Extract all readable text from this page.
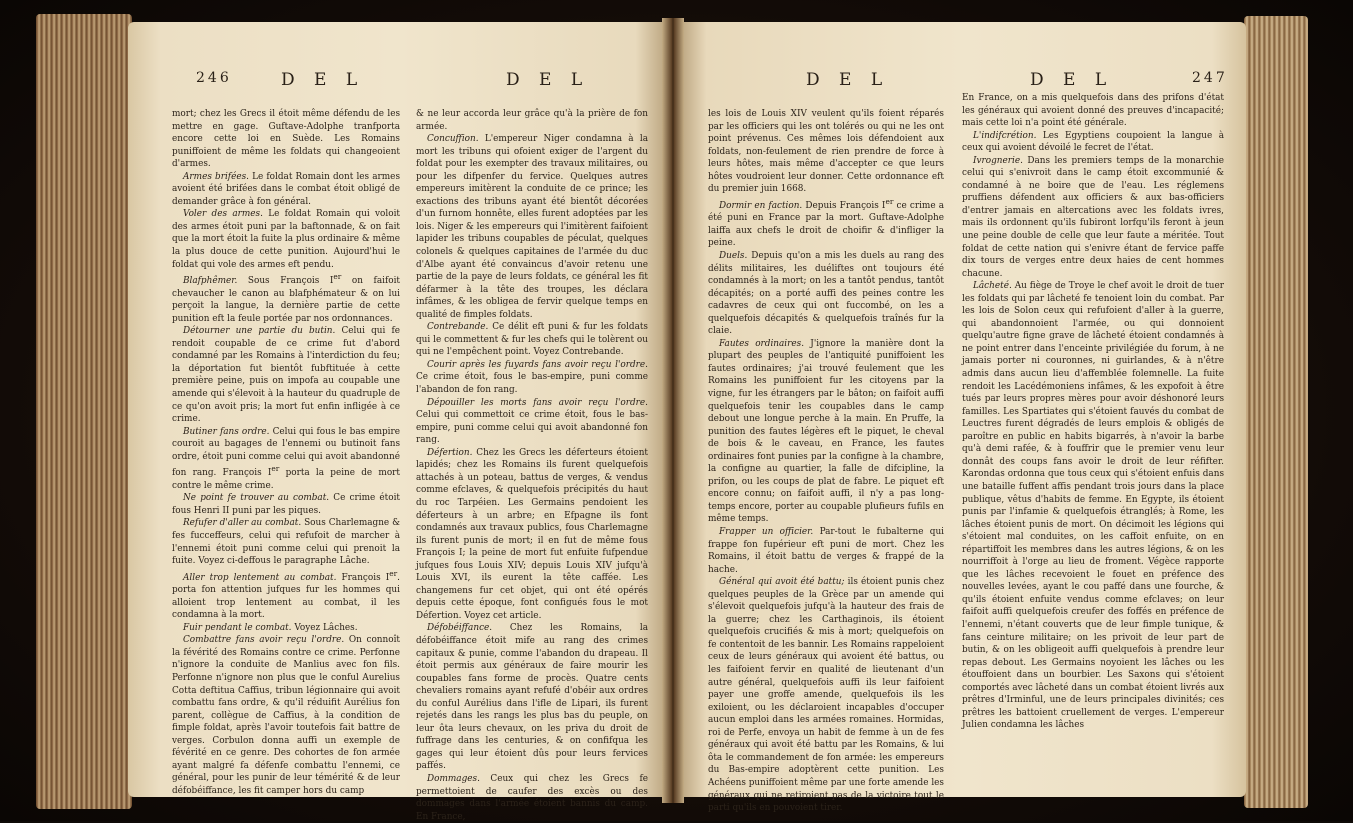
246	D E L	D E L

mort; chez les Grecs il étoit même défendu de les mettre en gage. Guftave-Adolphe tranfporta encore cette loi en Suède. Les Romains puniffoient de même les foldats qui changeoient d'armes.

Armes brifées. Le foldat Romain dont les armes avoient été brifées dans le combat étoit obligé de demander grâce à fon général.

Voler des armes. Le foldat Romain qui voloit des armes étoit puni par la baftonnade, & on fait que la mort étoit la fuite la plus ordinaire & même la plus douce de cette punition. Aujourd'hui le foldat qui vole des armes eft pendu.

Blafphêmer. Sous François Ier on faifoit chevaucher le canon au blafphémateur & on lui perçoit la langue, la dernière partie de cette punition eft la feule portée par nos ordonnances.

Détourner une partie du butin. Celui qui fe rendoit coupable de ce crime fut d'abord condamné par les Romains à l'interdiction du feu; la déportation fut bientôt fubftituée à cette première peine, puis on impofa au coupable une amende qui s'élevoit à la hauteur du quadruple de ce qu'on avoit pris; la mort fut enfin infligée à ce crime.

Butiner fans ordre. Celui qui fous le bas empire couroit au bagages de l'ennemi ou butinoit fans ordre, étoit puni comme celui qui avoit abandonné fon rang. François Ier porta la peine de mort contre le même crime.

Ne point fe trouver au combat. Ce crime étoit fous Henri II puni par les piques.

Refufer d'aller au combat. Sous Charlemagne & fes fucceffeurs, celui qui refufoit de marcher à l'ennemi étoit puni comme celui qui prenoit la fuite. Voyez ci-deffous le paragraphe Lâche.

Aller trop lentement au combat. François Ier. porta fon attention jufques fur les hommes qui alloient trop lentement au combat, il les condamna à la mort.

Fuir pendant le combat. Voyez Lâches.

Combattre fans avoir reçu l'ordre. On connoît la févérité des Romains contre ce crime. Perfonne n'ignore la conduite de Manlius avec fon fils. Perfonne n'ignore non plus que le conful Aurelius Cotta deftitua Caffius, tribun légionnaire qui avoit combattu fans ordre, & qu'il réduifit Aurélius fon parent, collègue de Caffius, à la condition de fimple foldat, après l'avoir toutefois fait battre de verges. Corbulon donna auffi un exemple de févérité en ce genre. Des cohortes de fon armée ayant malgré fa défenfe combattu l'ennemi, ce général, pour les punir de leur témérité & de leur défobéiffance, les fit camper hors du camp

& ne leur accorda leur grâce qu'à la prière de fon armée.

Concuffion. L'empereur Niger condamna à la mort les tribuns qui ofoient exiger de l'argent du foldat pour les exempter des travaux militaires, ou pour les difpenfer du fervice. Quelques autres empereurs imitèrent la conduite de ce prince; les exactions des tribuns ayant été bientôt décorées d'un furnom honnête, elles furent adoptées par les lois. Niger & les empereurs qui l'imitèrent faifoient lapider les tribuns coupables de péculat, quelques colonels & quelques capitaines de l'armée du duc d'Albe ayant été convaincus d'avoir retenu une partie de la paye de leurs foldats, ce général les fit défarmer à la tête des troupes, les déclara infâmes, & les obligea de fervir quelque temps en qualité de fimples foldats.

Contrebande. Ce délit eft puni & fur les foldats qui le commettent & fur les chefs qui le tolèrent ou qui ne l'empêchent point. Voyez Contrebande.

Courir après les fuyards fans avoir reçu l'ordre. Ce crime étoit, fous le bas-empire, puni comme l'abandon de fon rang.

Dépouiller les morts fans avoir reçu l'ordre. Celui qui commettoit ce crime étoit, fous le bas-empire, puni comme celui qui avoit abandonné fon rang.

Défertion. Chez les Grecs les déferteurs étoient lapidés; chez les Romains ils furent quelquefois attachés à un poteau, battus de verges, & vendus comme efclaves, & quelquefois précipités du haut du roc Tarpéien. Les Germains pendoient les déferteurs à un arbre; en Efpagne ils font condamnés aux travaux publics, fous Charlemagne ils furent punis de mort; il en fut de même fous François I; la peine de mort fut enfuite fufpendue jufques fous Louis XIV; depuis Louis XIV jufqu'à Louis XVI, ils eurent la tête caffée. Les changemens fur cet objet, qui ont été opérés depuis cette époque, font configués fous le mot Défertion. Voyez cet article.

Défobéiffance. Chez les Romains, la défobéiffance étoit mife au rang des crimes capitaux & punie, comme l'abandon du drapeau. Il étoit permis aux généraux de faire mourir les coupables fans forme de procès. Quatre cents chevaliers romains ayant refufé d'obéir aux ordres du conful Aurélius dans l'ifle de Lipari, ils furent rejetés dans les rangs les plus bas du peuple, on leur ôta leurs chevaux, on les priva du droit de fuffrage dans les centuries, & on confifqua les gages qui leur étoient dûs pour leurs fervices paffés.

Dommages. Ceux qui chez les Grecs fe permettoient de caufer des excès ou des dommages dans l'armée étoient bannis du camp. En France,

D E L	D E L	247

les lois de Louis XIV veulent qu'ils foient réparés par les officiers qui les ont tolérés ou qui ne les ont point prévenus. Ces mêmes lois défendoient aux foldats, non-feulement de rien prendre de force à leurs hôtes, mais même d'accepter ce que leurs hôtes voudroient leur donner. Cette ordonnance eft du premier juin 1668.

Dormir en faction. Depuis François Ier ce crime a été puni en France par la mort. Guftave-Adolphe laiffa aux chefs le droit de choifir & d'infliger la peine.

Duels. Depuis qu'on a mis les duels au rang des délits militaires, les duéliftes ont toujours été condamnés à la mort; on les a tantôt pendus, tantôt décapités; on a porté auffi des peines contre les cadavres de ceux qui ont fuccombé, on les a quelquefois décapités & quelquefois traînés fur la claie.

Fautes ordinaires. J'ignore la manière dont la plupart des peuples de l'antiquité puniffoient les fautes ordinaires; j'ai trouvé feulement que les Romains les puniffoient fur les citoyens par la vigne, fur les étrangers par le bâton; on faifoit auffi quelquefois tenir les coupables dans le camp debout une longue perche à la main. En Pruffe, la punition des fautes légères eft le piquet, le cheval de bois & le caveau, en France, les fautes ordinaires font punies par la configne à la chambre, la configne au quartier, la falle de difcipline, la prifon, ou les coups de plat de fabre. Le piquet eft encore connu; on faifoit auffi, il n'y a pas long-temps encore, porter au coupable plufieurs fufils en même temps.

Frapper un officier. Par-tout le fubalterne qui frappe fon fupérieur eft puni de mort. Chez les Romains, il étoit battu de verges & frappé de la hache.

Général qui avoit été battu; ils étoient punis chez quelques peuples de la Grèce par un amende qui s'élevoit quelquefois jufqu'à la hauteur des frais de la guerre; chez les Carthaginois, ils étoient quelquefois crucifiés & mis à mort; quelquefois on fe contentoit de les bannir. Les Romains rappeloient ceux de leurs généraux qui avoient été battus, ou les faifoient fervir en qualité de lieutenant d'un autre général, quelquefois auffi ils leur faifoient payer une groffe amende, quelquefois ils les exiloient, ou les déclaroient incapables d'occuper aucun emploi dans les armées romaines. Hormidas, roi de Perfe, envoya un habit de femme à un de fes généraux qui avoit été battu par les Romains, & lui ôta le commandement de fon armée: les empereurs du Bas-empire adoptèrent cette punition. Les Achéens puniffoient même par une forte amende les généraux qui ne retiroient pas de la victoire tout le parti qu'ils en pouvoient tirer.

En France, on a mis quelquefois dans des prifons d'état les généraux qui avoient donné des preuves d'incapacité; mais cette loi n'a point été générale.

L'indifcrétion. Les Egyptiens coupoient la langue à ceux qui avoient dévoilé le fecret de l'état.

Ivrognerie. Dans les premiers temps de la monarchie celui qui s'enivroit dans le camp étoit excommunié & condamné à ne boire que de l'eau. Les réglemens pruffiens défendent aux officiers & aux bas-officiers d'entrer jamais en altercations avec les foldats ivres, mais ils ordonnent qu'ils fubiront lorfqu'ils feront à jeun une peine double de celle que leur faute a méritée. Tout foldat de cette nation qui s'enivre étant de fervice paffe dix tours de verges entre deux haies de cent hommes chacune.

Lâcheté. Au fiège de Troye le chef avoit le droit de tuer les foldats qui par lâcheté fe tenoient loin du combat. Par les lois de Solon ceux qui refufoient d'aller à la guerre, qui abandonnoient l'armée, ou qui donnoient quelqu'autre figne grave de lâcheté étoient condamnés à ne point entrer dans l'enceinte privilégiée du forum, à ne jamais porter ni couronnes, ni guirlandes, & à n'être admis dans aucun lieu d'affemblée folemnelle. La fuite rendoit les Lacédémoniens infâmes, & les expofoit à être tués par leurs propres mères pour avoir déshonoré leurs familles. Les Spartiates qui s'étoient fauvés du combat de Leuctres furent dégradés de leurs emplois & obligés de paroître en public en habits bigarrés, à n'avoir la barbe qu'à demi rafée, & à fouffrir que le premier venu leur donnât des coups fans avoir le droit de leur réfifter. Karondas ordonna que tous ceux qui s'étoient enfuis dans une bataille fuffent affis pendant trois jours dans la place publique, vêtus d'habits de femme. En Egypte, ils étoient punis par l'infamie & quelquefois étranglés; à Rome, les lâches étoient punis de mort. On décimoit les légions qui s'étoient mal conduites, on les caffoit enfuite, on en répartiffoit les membres dans les autres légions, & on les nourriffoit à l'orge au lieu de froment. Végèce rapporte que les lâches recevoient le fouet en préfence des nouvelles levées, ayant le cou paffé dans une fourche, & qu'ils étoient enfuite vendus comme efclaves; on leur faifoit auffi quelquefois creufer des foffés en préfence de l'ennemi, n'étant couverts que de leur fimple tunique, & fans ceinture militaire; on les privoit de leur part de butin, & on les obligeoit auffi quelquefois à prendre leur repas debout. Les Germains noyoient les lâches ou les étouffoient dans un bourbier. Les Saxons qui s'étoient comportés avec lâcheté dans un combat étoient livrés aux prêtres d'Irminful, une de leurs principales divinités; ces prêtres les battoient cruellement de verges. L'empereur Julien condamna les lâches
